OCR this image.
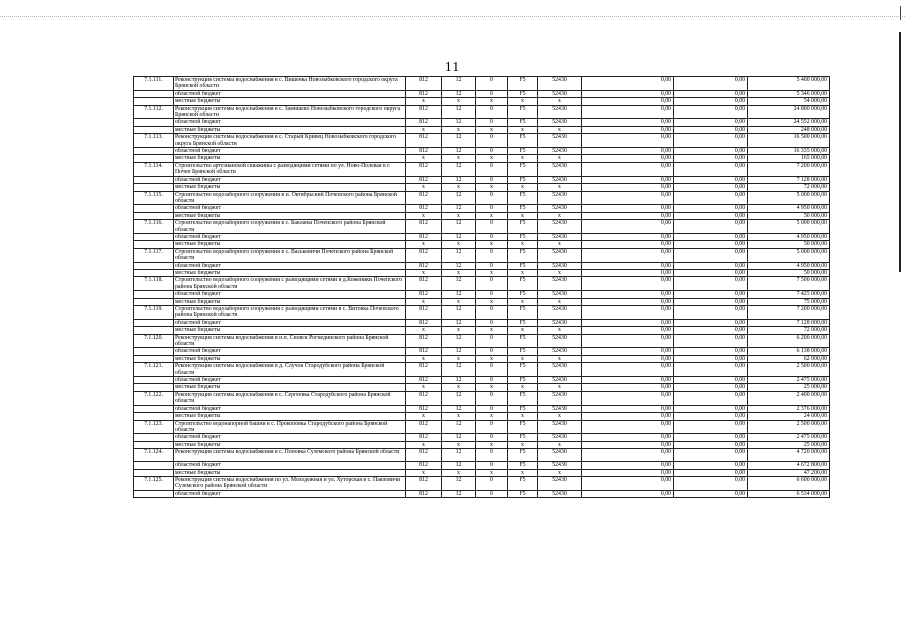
11
7.1.111.	Реконструкция системы водоснабжения в с. Вишенка Новозыбковского городского округа Брянской области	812	12	0	F5	52430	0,00	0,00	5 400 000,00
	областной бюджет	812	12	0	F5	52430	0,00	0,00	5 346 000,00
	местные бюджеты	x	x	x	x	x	0,00	0,00	54 000,00
7.1.112.	Реконструкция системы водоснабжения в с. Замишево Новозыбковского городского округа Брянской области	812	12	0	F5	52430	0,00	0,00	24 800 000,00
	областной бюджет	812	12	0	F5	52430	0,00	0,00	24 552 000,00
	местные бюджеты	x	x	x	x	x	0,00	0,00	248 000,00
7.1.113.	Реконструкция системы водоснабжения в с. Старый Кривец Новозыбковского городского округа Брянской области	812	12	0	F5	52430	0,00	0,00	16 500 000,00
	областной бюджет	812	12	0	F5	52430	0,00	0,00	16 335 000,00
	местные бюджеты	x	x	x	x	x	0,00	0,00	165 000,00
7.1.114.	Строительство артезианской скважины с разводящими сетями по ул. Ново-Полевая в г. Почеп Брянской области	812	12	0	F5	52430	0,00	0,00	7 200 000,00
	областной бюджет	812	12	0	F5	52430	0,00	0,00	7 128 000,00
	местные бюджеты	x	x	x	x	x	0,00	0,00	72 000,00
7.1.115.	Строительство водозаборного сооружения в п. Октябрьский Почепского района Брянской области	812	12	0	F5	52430	0,00	0,00	5 000 000,00
	областной бюджет	812	12	0	F5	52430	0,00	0,00	4 950 000,00
	местные бюджеты	x	x	x	x	x	0,00	0,00	50 000,00
7.1.116.	Строительство водозаборного сооружения в с. Бакланы Почепского района Брянской области	812	12	0	F5	52430	0,00	0,00	5 000 000,00
	областной бюджет	812	12	0	F5	52430	0,00	0,00	4 950 000,00
	местные бюджеты	x	x	x	x	x	0,00	0,00	50 000,00
7.1.117.	Строительство водозаборного сооружения в с. Васьковичи Почепского района Брянской области	812	12	0	F5	52430	0,00	0,00	5 000 000,00
	областной бюджет	812	12	0	F5	52430	0,00	0,00	4 950 000,00
	местные бюджеты	x	x	x	x	x	0,00	0,00	50 000,00
7.1.118.	Строительство водозаборного сооружения с разводящими сетями в д.Коженики Почепского района Брянской области	812	12	0	F5	52430	0,00	0,00	7 500 000,00
	областной бюджет	812	12	0	F5	52430	0,00	0,00	7 425 000,00
	местные бюджеты	x	x	x	x	x	0,00	0,00	75 000,00
7.1.119.	Строительство водозаборного сооружения с разводящими сетями в с. Витовка Почепского района Брянской области	812	12	0	F5	52430	0,00	0,00	7 200 000,00
	областной бюджет	812	12	0	F5	52430	0,00	0,00	7 128 000,00
	местные бюджеты	x	x	x	x	x	0,00	0,00	72 000,00
7.1.120.	Реконструкция системы водоснабжения в н.п. Сновск Рогнединского района Брянской области	812	12	0	F5	52430	0,00	0,00	6 200 000,00
	областной бюджет	812	12	0	F5	52430	0,00	0,00	6 138 000,00
	местные бюджеты	x	x	x	x	x	0,00	0,00	62 000,00
7.1.121.	Реконструкция системы водоснабжения в д. Случок Стародубского района Брянской области	812	12	0	F5	52430	0,00	0,00	2 500 000,00
	областной бюджет	812	12	0	F5	52430	0,00	0,00	2 475 000,00
	местные бюджеты	x	x	x	x	x	0,00	0,00	25 000,00
7.1.122.	Реконструкция системы водоснабжения в с. Сергеевка Стародубского района Брянской области	812	12	0	F5	52430	0,00	0,00	2 400 000,00
	областной бюджет	812	12	0	F5	52430	0,00	0,00	2 376 000,00
	местные бюджеты	x	x	x	x	x	0,00	0,00	24 000,00
7.1.123.	Строительство водонапорной башни в с. Прокоповка Стародубского района Брянской области	812	12	0	F5	52430	0,00	0,00	2 500 000,00
	областной бюджет	812	12	0	F5	52430	0,00	0,00	2 475 000,00
	местные бюджеты	x	x	x	x	x	0,00	0,00	25 000,00
7.1.124.	Реконструкция системы водоснабжения в с. Поповка Суземского района Брянской области	812	12	0	F5	52430	0,00	0,00	4 720 000,00
	областной бюджет	812	12	0	F5	52430	0,00	0,00	4 672 800,00
	местные бюджеты	x	x	x	x	x	0,00	0,00	47 200,00
7.1.125.	Реконструкция системы водоснабжения по ул. Молодежная и ул. Хуторская в с. Павловичи Суземского района Брянской области	812	12	0	F5	52430	0,00	0,00	6 600 000,00
	областной бюджет	812	12	0	F5	52430	0,00	0,00	6 534 000,00
